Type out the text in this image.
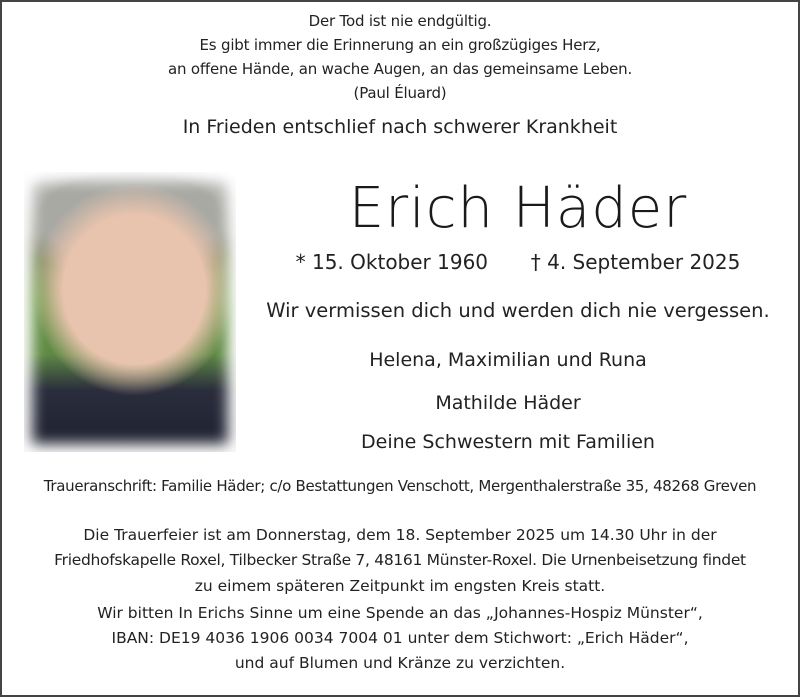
Der Tod ist nie endgültig.
Es gibt immer die Erinnerung an ein großzügiges Herz,
an offene Hände, an wache Augen, an das gemeinsame Leben.
(Paul Éluard)
In Frieden entschlief nach schwerer Krankheit
Erich Häder
* 15. Oktober 1960 † 4. September 2025
Wir vermissen dich und werden dich nie vergessen.
Helena, Maximilian und Runa
Mathilde Häder
Deine Schwestern mit Familien
Traueranschrift: Familie Häder; c/o Bestattungen Venschott, Mergenthalerstraße 35, 48268 Greven
Die Trauerfeier ist am Donnerstag, dem 18. September 2025 um 14.30 Uhr in der
Friedhofskapelle Roxel, Tilbecker Straße 7, 48161 Münster-Roxel. Die Urnenbeisetzung findet
zu eimem späteren Zeitpunkt im engsten Kreis statt.
Wir bitten In Erichs Sinne um eine Spende an das „Johannes-Hospiz Münster“,
IBAN: DE19 4036 1906 0034 7004 01 unter dem Stichwort: „Erich Häder“,
und auf Blumen und Kränze zu verzichten.
